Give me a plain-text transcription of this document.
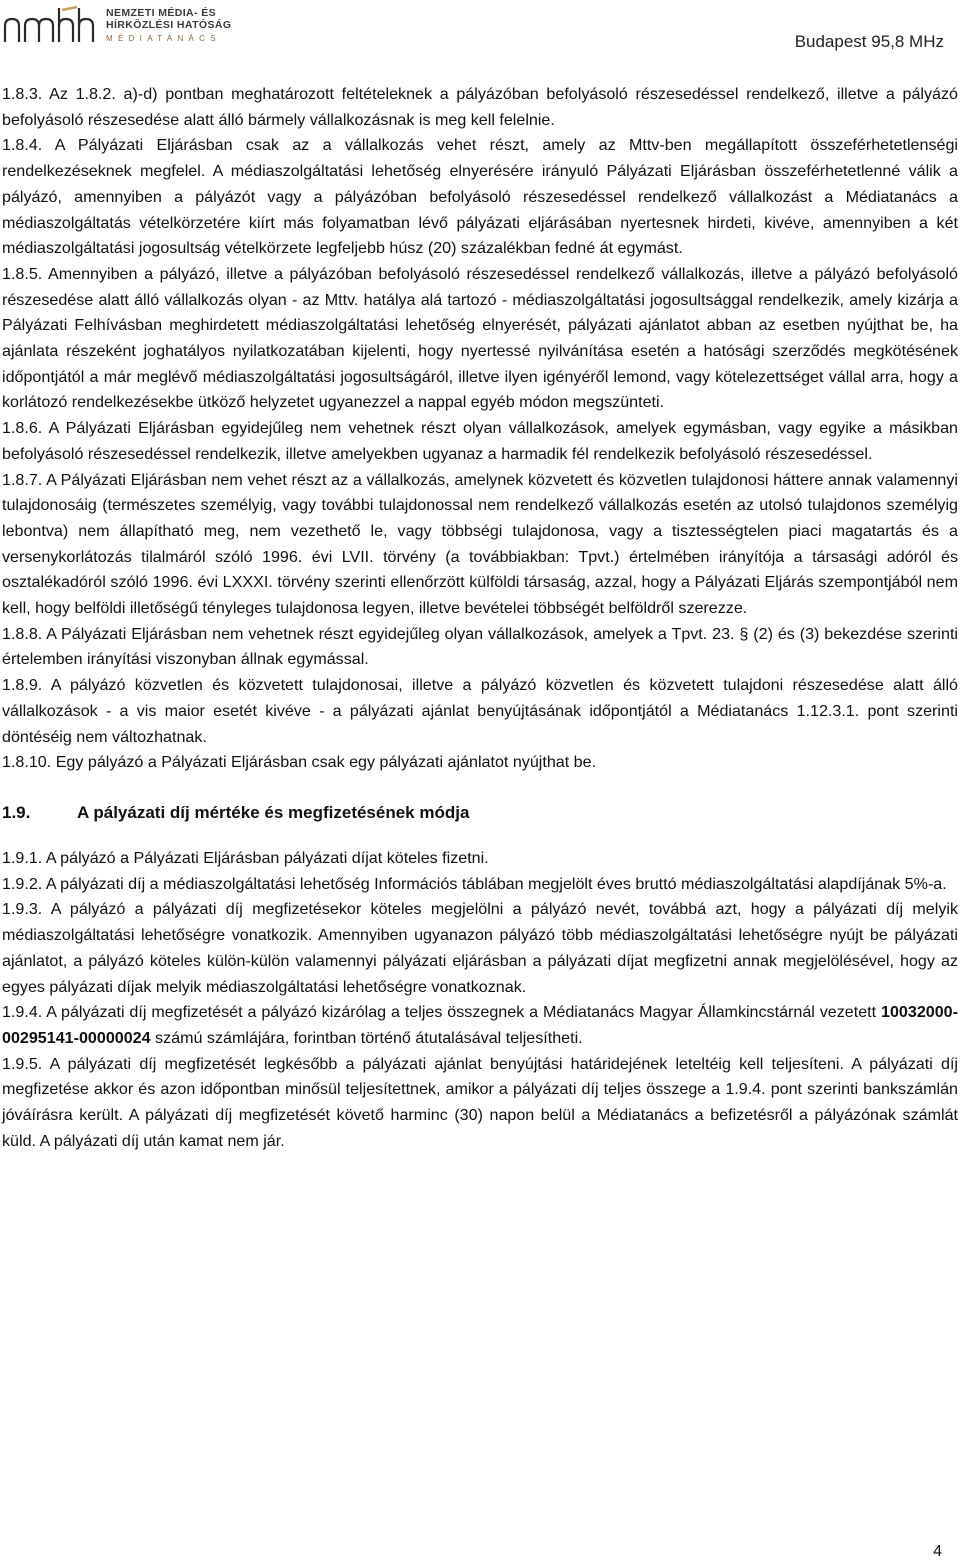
NEMZETI MÉDIA- ÉS
HÍRKÖZLÉSI HATÓSÁG
MÉDIATANÁCS	Budapest 95,8 MHz

1.8.3. Az 1.8.2. a)-d) pontban meghatározott feltételeknek a pályázóban befolyásoló részesedéssel rendelkező, illetve a pályázó befolyásoló részesedése alatt álló bármely vállalkozásnak is meg kell felelnie.

1.8.4. A Pályázati Eljárásban csak az a vállalkozás vehet részt, amely az Mttv-ben megállapított összeférhetetlenségi rendelkezéseknek megfelel. A médiaszolgáltatási lehetőség elnyerésére irányuló Pályázati Eljárásban összeférhetetlenné válik a pályázó, amennyiben a pályázót vagy a pályázóban befolyásoló részesedéssel rendelkező vállalkozást a Médiatanács a médiaszolgáltatás vételkörzetére kiírt más folyamatban lévő pályázati eljárásában nyertesnek hirdeti, kivéve, amennyiben a két médiaszolgáltatási jogosultság vételkörzete legfeljebb húsz (20) százalékban fedné át egymást.

1.8.5. Amennyiben a pályázó, illetve a pályázóban befolyásoló részesedéssel rendelkező vállalkozás, illetve a pályázó befolyásoló részesedése alatt álló vállalkozás olyan - az Mttv. hatálya alá tartozó - médiaszolgáltatási jogosultsággal rendelkezik, amely kizárja a Pályázati Felhívásban meghirdetett médiaszolgáltatási lehetőség elnyerését, pályázati ajánlatot abban az esetben nyújthat be, ha ajánlata részeként joghatályos nyilatkozatában kijelenti, hogy nyertessé nyilvánítása esetén a hatósági szerződés megkötésének időpontjától a már meglévő médiaszolgáltatási jogosultságáról, illetve ilyen igényéről lemond, vagy kötelezettséget vállal arra, hogy a korlátozó rendelkezésekbe ütköző helyzetet ugyanezzel a nappal egyéb módon megszünteti.

1.8.6. A Pályázati Eljárásban egyidejűleg nem vehetnek részt olyan vállalkozások, amelyek egymásban, vagy egyike a másikban befolyásoló részesedéssel rendelkezik, illetve amelyekben ugyanaz a harmadik fél rendelkezik befolyásoló részesedéssel.

1.8.7. A Pályázati Eljárásban nem vehet részt az a vállalkozás, amelynek közvetett és közvetlen tulajdonosi háttere annak valamennyi tulajdonosáig (természetes személyig, vagy további tulajdonossal nem rendelkező vállalkozás esetén az utolsó tulajdonos személyig lebontva) nem állapítható meg, nem vezethető le, vagy többségi tulajdonosa, vagy a tisztességtelen piaci magatartás és a versenykorlátozás tilalmáról szóló 1996. évi LVII. törvény (a továbbiakban: Tpvt.) értelmében irányítója a társasági adóról és osztalékadóról szóló 1996. évi LXXXI. törvény szerinti ellenőrzött külföldi társaság, azzal, hogy a Pályázati Eljárás szempontjából nem kell, hogy belföldi illetőségű tényleges tulajdonosa legyen, illetve bevételei többségét belföldről szerezze.

1.8.8. A Pályázati Eljárásban nem vehetnek részt egyidejűleg olyan vállalkozások, amelyek a Tpvt. 23. § (2) és (3) bekezdése szerinti értelemben irányítási viszonyban állnak egymással.

1.8.9. A pályázó közvetlen és közvetett tulajdonosai, illetve a pályázó közvetlen és közvetett tulajdoni részesedése alatt álló vállalkozások - a vis maior esetét kivéve - a pályázati ajánlat benyújtásának időpontjától a Médiatanács 1.12.3.1. pont szerinti döntéséig nem változhatnak.

1.8.10. Egy pályázó a Pályázati Eljárásban csak egy pályázati ajánlatot nyújthat be.

1.9.	A pályázati díj mértéke és megfizetésének módja

1.9.1. A pályázó a Pályázati Eljárásban pályázati díjat köteles fizetni.

1.9.2. A pályázati díj a médiaszolgáltatási lehetőség Információs táblában megjelölt éves bruttó médiaszolgáltatási alapdíjának 5%-a.

1.9.3. A pályázó a pályázati díj megfizetésekor köteles megjelölni a pályázó nevét, továbbá azt, hogy a pályázati díj melyik médiaszolgáltatási lehetőségre vonatkozik. Amennyiben ugyanazon pályázó több médiaszolgáltatási lehetőségre nyújt be pályázati ajánlatot, a pályázó köteles külön-külön valamennyi pályázati eljárásban a pályázati díjat megfizetni annak megjelölésével, hogy az egyes pályázati díjak melyik médiaszolgáltatási lehetőségre vonatkoznak.

1.9.4. A pályázati díj megfizetését a pályázó kizárólag a teljes összegnek a Médiatanács Magyar Államkincstárnál vezetett 10032000-00295141-00000024 számú számlájára, forintban történő átutalásával teljesítheti.

1.9.5. A pályázati díj megfizetését legkésőbb a pályázati ajánlat benyújtási határidejének leteltéig kell teljesíteni. A pályázati díj megfizetése akkor és azon időpontban minősül teljesítettnek, amikor a pályázati díj teljes összege a 1.9.4. pont szerinti bankszámlán jóváírásra került. A pályázati díj megfizetését követő harminc (30) napon belül a Médiatanács a befizetésről a pályázónak számlát küld. A pályázati díj után kamat nem jár.

4
